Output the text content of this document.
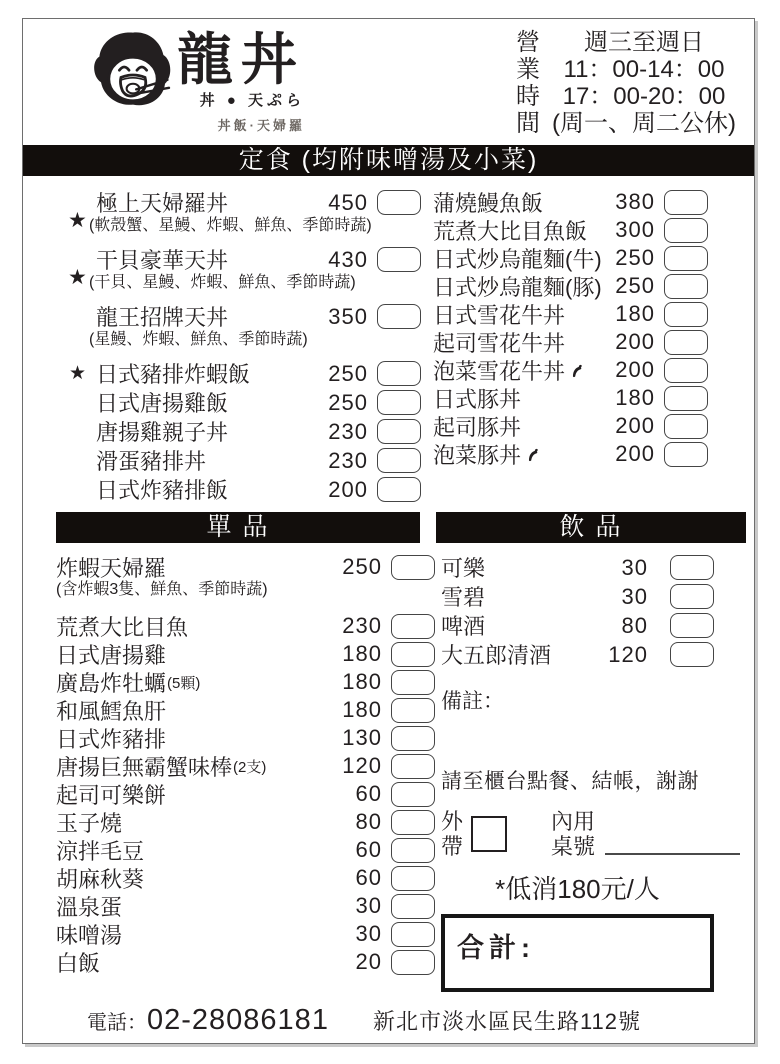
龍丼
丼 ● 天ぷら
丼飯·天婦羅
營
業
時
間
週三至週日
11：00-14：00
17：00-20：00
(周一、周二公休)
定食 (均附味噌湯及小菜)
極上天婦羅丼	450
★ (軟殼蟹、星鰻、炸蝦、鮮魚、季節時蔬)
干貝豪華天丼	430
★ (干貝、星鰻、炸蝦、鮮魚、季節時蔬)
龍王招牌天丼	350
(星鰻、炸蝦、鮮魚、季節時蔬)
★ 日式豬排炸蝦飯	250
日式唐揚雞飯	250
唐揚雞親子丼	230
滑蛋豬排丼	230
日式炸豬排飯	200
蒲燒鰻魚飯	380
荒煮大比目魚飯 300
日式炒烏龍麵(牛) 250
日式炒烏龍麵(豚) 250
日式雪花牛丼 180
起司雪花牛丼 200
泡菜雪花牛丼 200
日式豚丼	180
起司豚丼	200
泡菜豚丼	200
單 品	飲 品
炸蝦天婦羅	250
(含炸蝦3隻、鮮魚、季節時蔬)
荒煮大比目魚	230
日式唐揚雞	180
廣島炸牡蠣 (5顆)	180
和風鱈魚肝	180
日式炸豬排	130
唐揚巨無霸蟹味棒 (2支)	120
起司可樂餅	60
玉子燒	80
涼拌毛豆	60
胡麻秋葵	60
溫泉蛋	30
味噌湯	30
白飯	20
可樂	30
雪碧	30
啤酒	80
大五郎清酒	120
備註：
請至櫃台點餐、結帳，謝謝
外
帶
內用
桌號
*低消180元/人
合計:
電話： 02-28086181 新北市淡水區民生路112號
